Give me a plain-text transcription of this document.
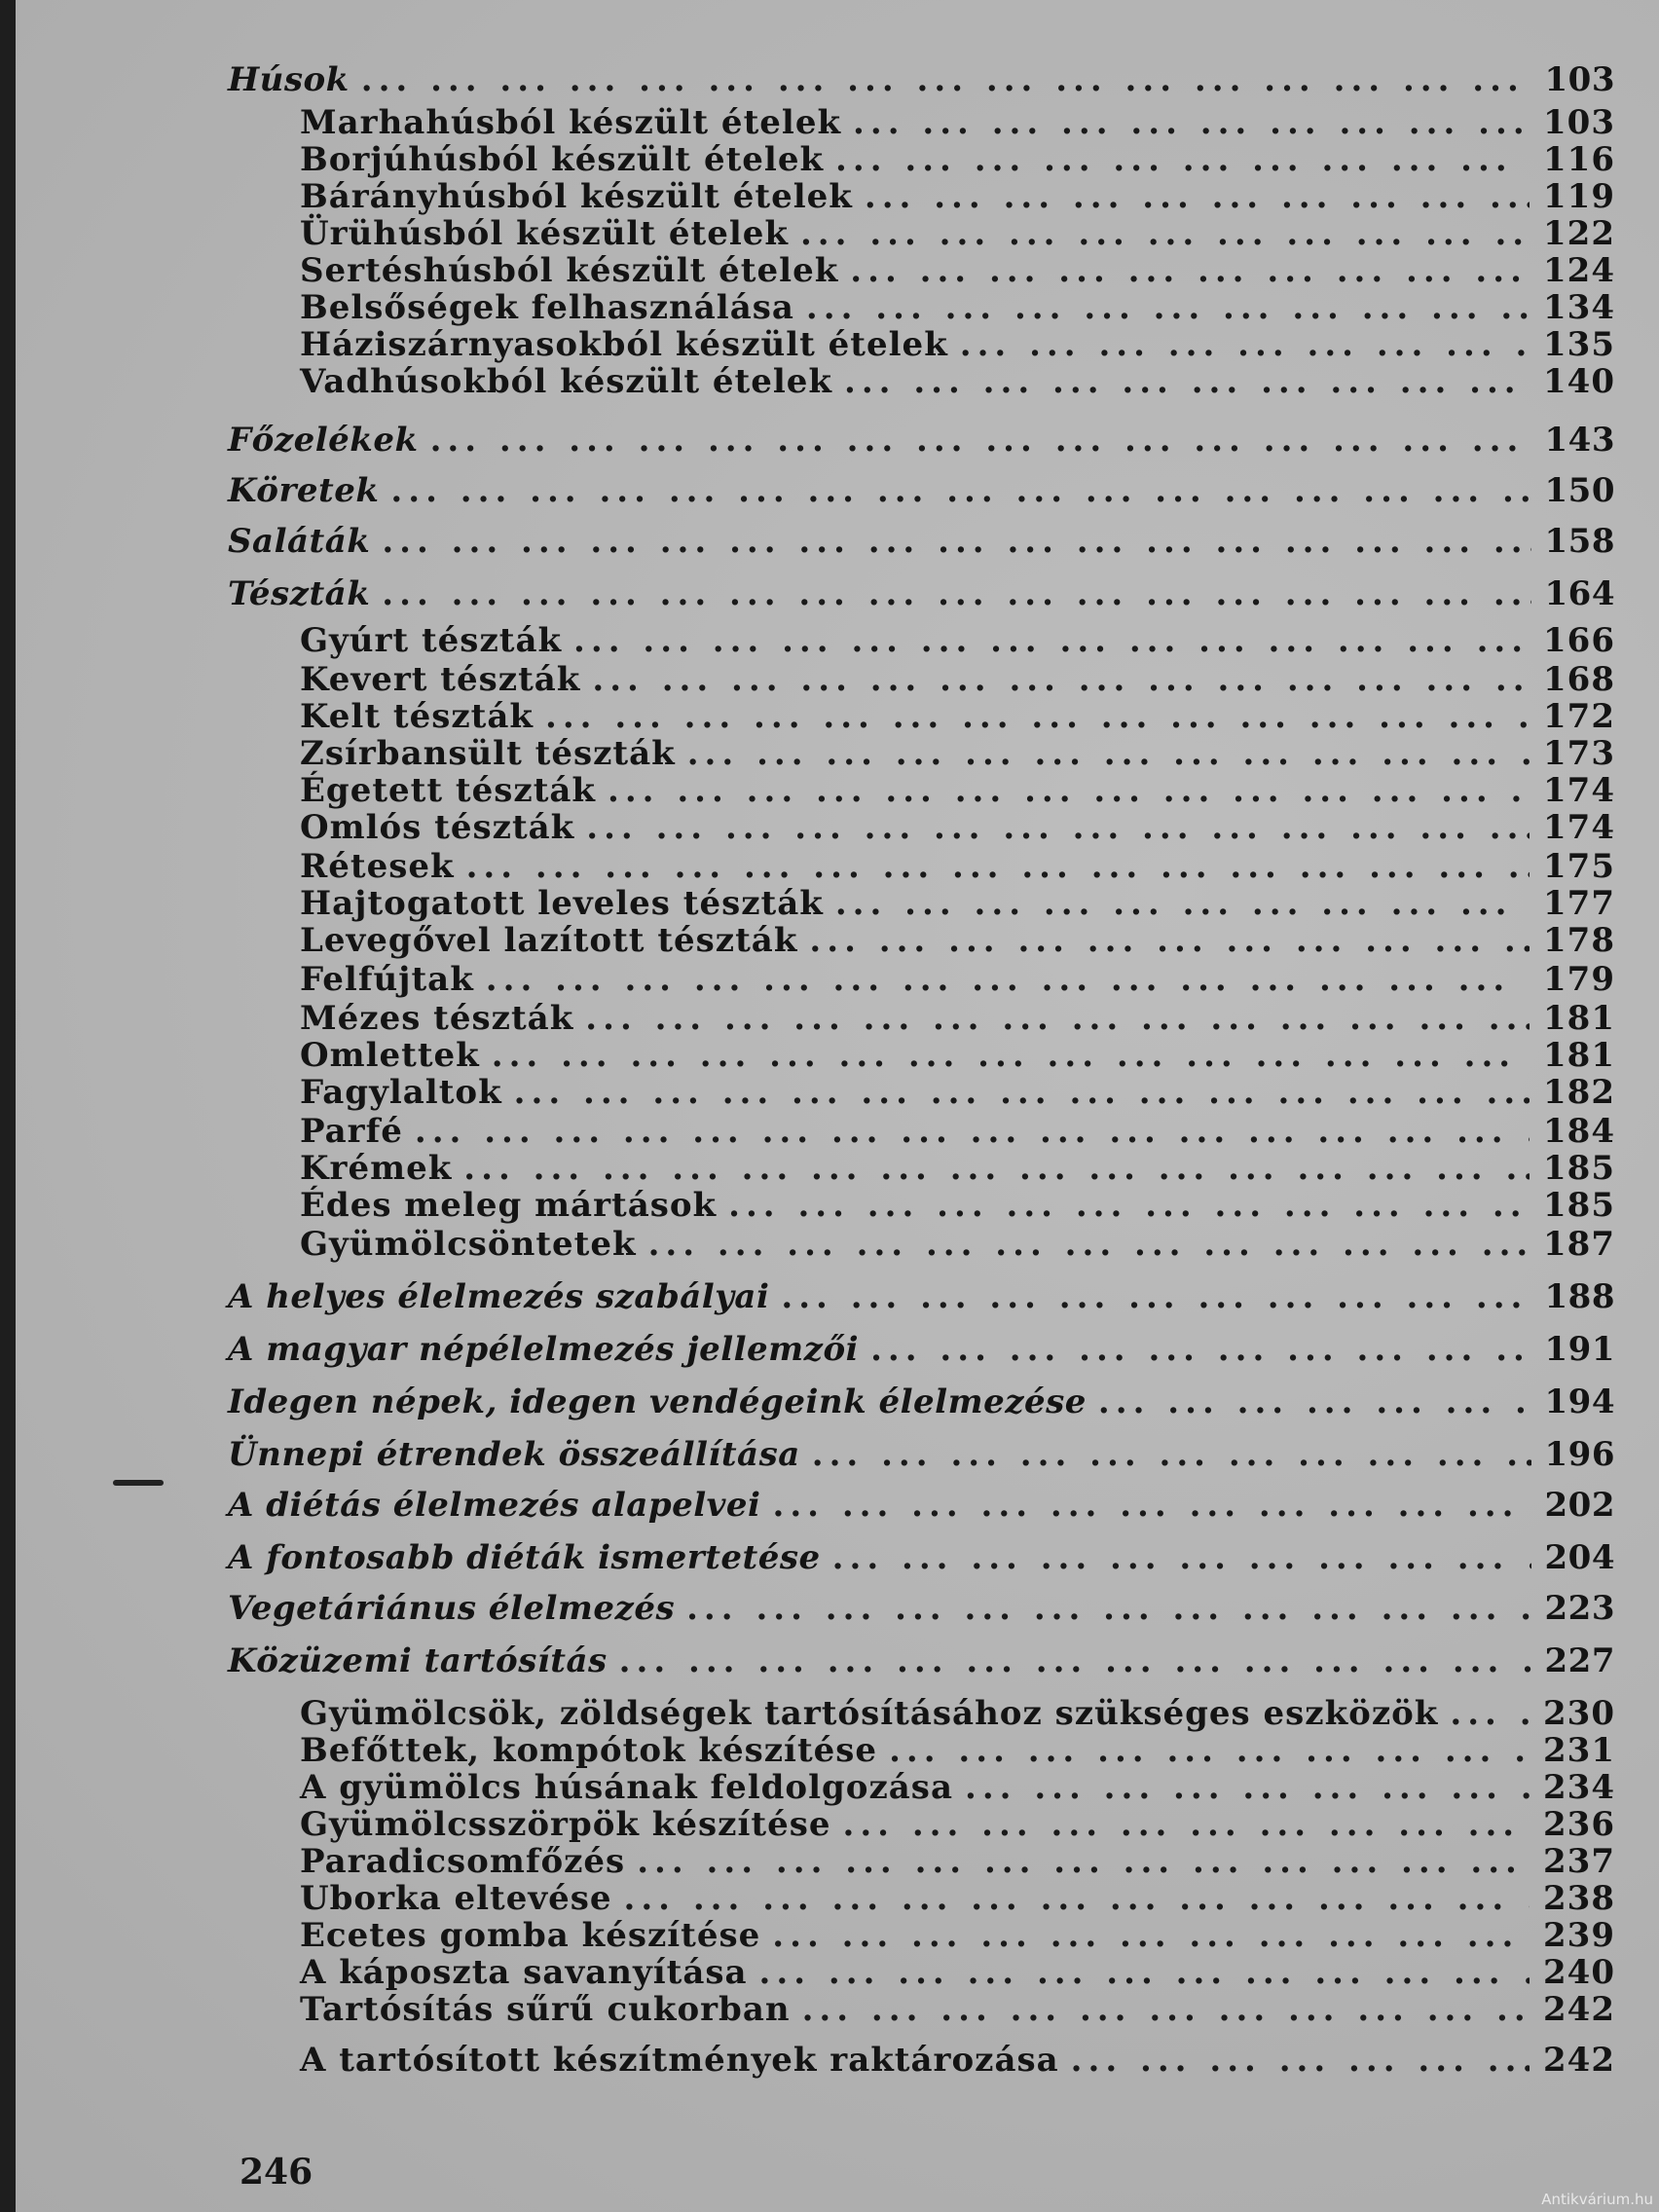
Húsok ... .	103
Marhahúsból készült ételek ... .	103
Borjúhúsból készült ételek ... .	116
Bárányhúsból készült ételek ... .	119
Ürühúsból készült ételek ... .	122
Sertéshúsból készült ételek ... .	124
Belsőségek felhasználása ... .	134
Háziszárnyasokból készült ételek ... .	135
Vadhúsokból készült ételek ... .	140
Főzelékek ... .	143
Köretek ... .	150
Saláták ... .	158
Tészták ... .	164
Gyúrt tészták ... .	166
Kevert tészták ... .	168
Kelt tészták ... .	172
Zsírbansült tészták ... .	173
Égetett tészták ... .	174
Omlós tészták ... .	174
Rétesek ... .	175
Hajtogatott leveles tészták ... .	177
Levegővel lazított tészták ... .	178
Felfújtak ... .	179
Mézes tészták ... .	181
Omlettek ... .	181
Fagylaltok ... .	182
Parfé ... .	184
Krémek ... .	185
Édes meleg mártások ... .	185
Gyümölcsöntetek ... .	187
A helyes élelmezés szabályai ... .	188
A magyar népélelmezés jellemzői ... .	191
Idegen népek, idegen vendégeink élelmezése ... .	194
Ünnepi étrendek összeállítása ... .	196
A diétás élelmezés alapelvei ... .	202
A fontosabb diéták ismertetése ... .	204
Vegetáriánus élelmezés ... .	223
Közüzemi tartósítás ... .	227
Gyümölcsök, zöldségek tartósításához szükséges eszközök ... .	230
Befőttek, kompótok készítése ... .	231
A gyümölcs húsának feldolgozása ... .	234
Gyümölcsszörpök készítése ... .	236
Paradicsomfőzés ... .	237
Uborka eltevése ... .	238
Ecetes gomba készítése ... .	239
A káposzta savanyítása ... .	240
Tartósítás sűrű cukorban ... .	242
A tartósított készítmények raktározása ... .	242
246
Antikvárium.hu
